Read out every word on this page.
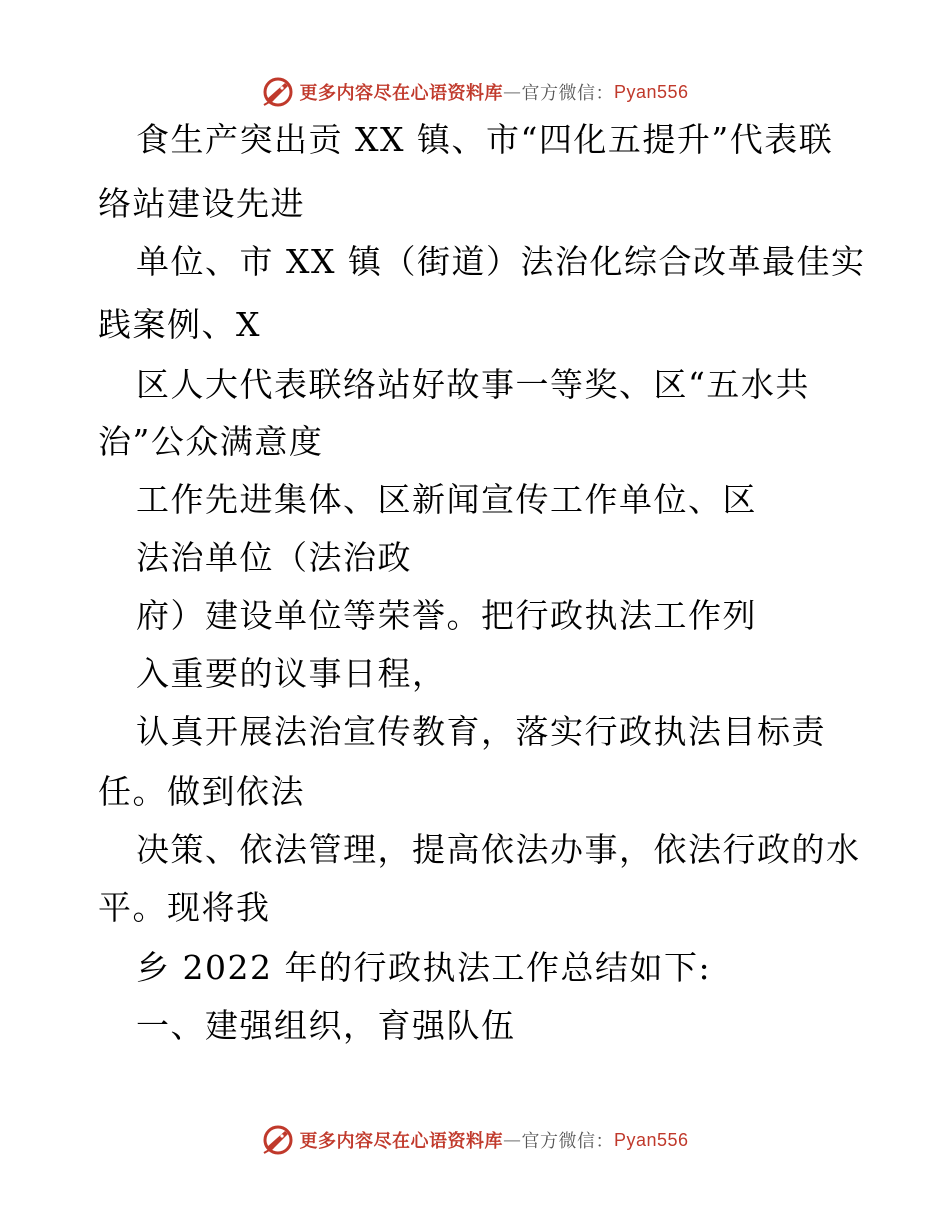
更多内容尽在心语资料库 — 官方微信： Pyan556
食生产突出贡 XX 镇、市“四化五提升”代表联
络站建设先进
单位、市 XX 镇（街道）法治化综合改革最佳实
践案例、X
区人大代表联络站好故事一等奖、区“五水共
治”公众满意度
工作先进集体、区新闻宣传工作单位、区
法治单位（法治政
府）建设单位等荣誉。把行政执法工作列
入重要的议事日程，
认真开展法治宣传教育，落实行政执法目标责
任。做到依法
决策、依法管理，提高依法办事，依法行政的水
平。现将我
乡 2022 年的行政执法工作总结如下:
一、建强组织，育强队伍
更多内容尽在心语资料库 — 官方微信： Pyan556
